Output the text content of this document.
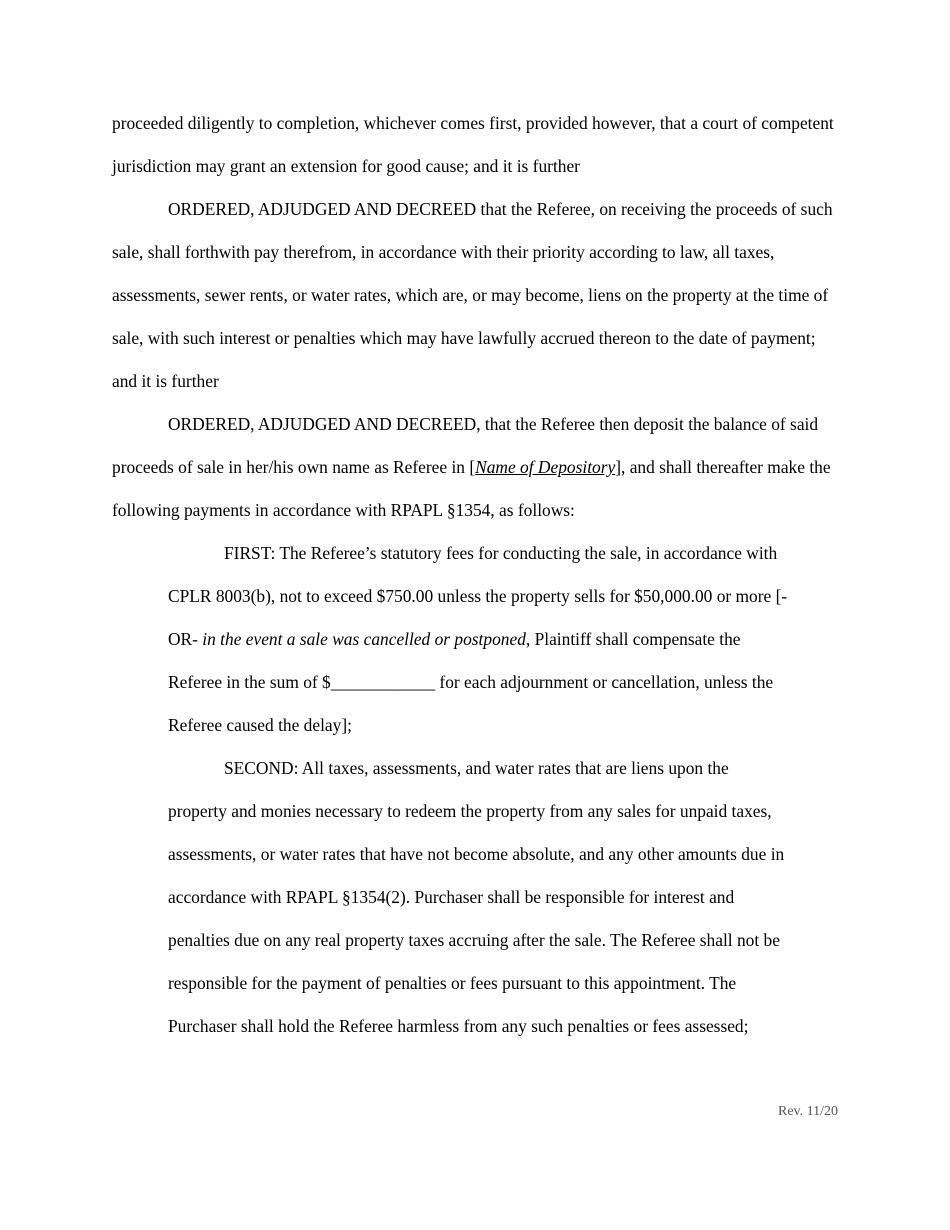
proceeded diligently to completion, whichever comes first, provided however, that a court of competent jurisdiction may grant an extension for good cause; and it is further

ORDERED, ADJUDGED AND DECREED that the Referee, on receiving the proceeds of such sale, shall forthwith pay therefrom, in accordance with their priority according to law, all taxes, assessments, sewer rents, or water rates, which are, or may become, liens on the property at the time of sale, with such interest or penalties which may have lawfully accrued thereon to the date of payment; and it is further

ORDERED, ADJUDGED AND DECREED, that the Referee then deposit the balance of said proceeds of sale in her/his own name as Referee in [Name of Depository], and shall thereafter make the following payments in accordance with RPAPL §1354, as follows:

FIRST: The Referee’s statutory fees for conducting the sale, in accordance with CPLR 8003(b), not to exceed $750.00 unless the property sells for $50,000.00 or more [-OR- in the event a sale was cancelled or postponed, Plaintiff shall compensate the Referee in the sum of $____________ for each adjournment or cancellation, unless the Referee caused the delay];

SECOND: All taxes, assessments, and water rates that are liens upon the property and monies necessary to redeem the property from any sales for unpaid taxes, assessments, or water rates that have not become absolute, and any other amounts due in accordance with RPAPL §1354(2). Purchaser shall be responsible for interest and penalties due on any real property taxes accruing after the sale. The Referee shall not be responsible for the payment of penalties or fees pursuant to this appointment. The Purchaser shall hold the Referee harmless from any such penalties or fees assessed;

Rev. 11/20
